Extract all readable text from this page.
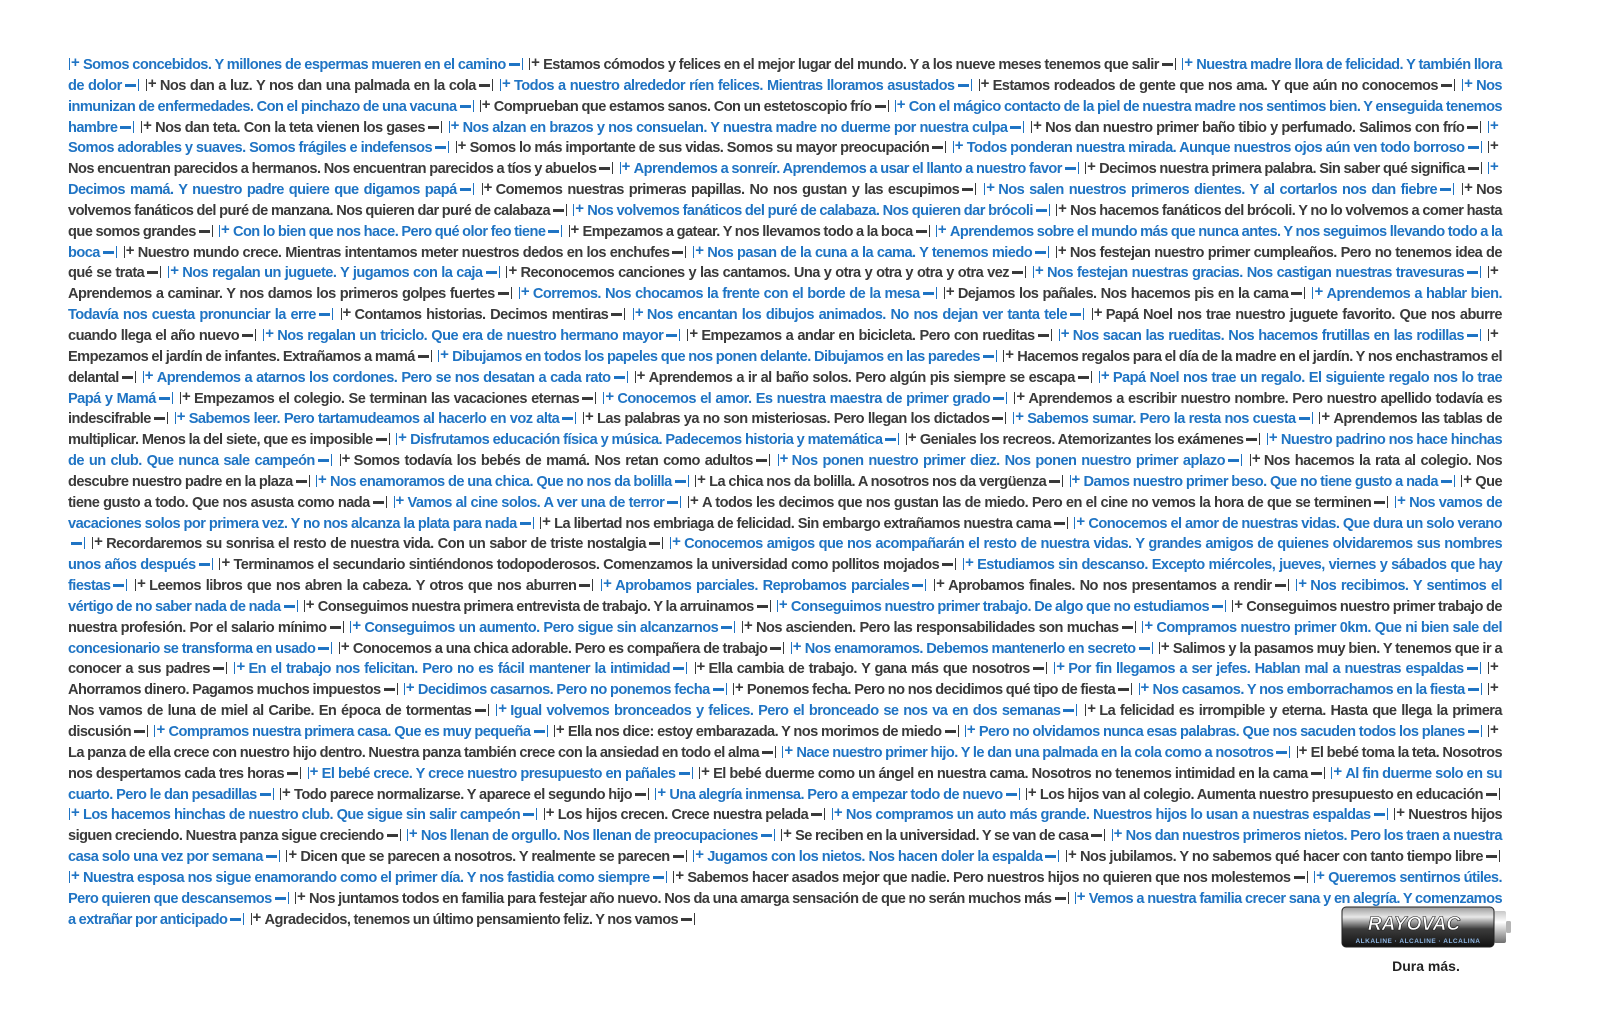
+Somos concebidos. Y millones de espermas mueren en el camino +	Estamos cómodos y felices en el mejor lugar del mundo. Y a los nueve meses tenemos que salir +	Nuestra madre llora de felicidad. Y también llora de dolor +	Nos dan a luz. Y nos dan una palmada en la cola +	Todos a nuestro alrededor ríen felices. Mientras lloramos asustados +	Estamos rodeados de gente que nos ama. Y que aún no conocemos +	Nos inmunizan de enfermedades. Con el pinchazo de una vacuna +	Comprueban que estamos sanos. Con un estetoscopio frío +	Con el mágico contacto de la piel de nuestra madre nos sentimos bien. Y enseguida tenemos hambre +	Nos dan teta. Con la teta vienen los gases +	Nos alzan en brazos y nos consuelan. Y nuestra madre no duerme por nuestra culpa +	Nos dan nuestro primer baño tibio y perfumado. Salimos con frío +Somos adorables y suaves. Somos frágiles e indefensos +	Somos lo más importante de sus vidas. Somos su mayor preocupación +	Todos ponderan nuestra mirada. Aunque nuestros ojos aún ven todo borroso +Nos encuentran parecidos a hermanos. Nos encuentran parecidos a tíos y abuelos +	Aprendemos a sonreír. Aprendemos a usar el llanto a nuestro favor +	Decimos nuestra primera palabra. Sin saber qué significa +Decimos mamá. Y nuestro padre quiere que digamos papá +	Comemos nuestras primeras papillas. No nos gustan y las escupimos +	Nos salen nuestros primeros dientes. Y al cortarlos nos dan fiebre +	Nos volvemos fanáticos del puré de manzana. Nos quieren dar puré de calabaza +	Nos volvemos fanáticos del puré de calabaza. Nos quieren dar brócoli +	Nos hacemos fanáticos del brócoli. Y no lo volvemos a comer hasta que somos grandes +	Con lo bien que nos hace. Pero qué olor feo tiene +	Empezamos a gatear. Y nos llevamos todo a la boca +	Aprendemos sobre el mundo más que nunca antes. Y nos seguimos llevando todo a la boca +	Nuestro mundo crece. Mientras intentamos meter nuestros dedos en los enchufes +	Nos pasan de la cuna a la cama. Y tenemos miedo +	Nos festejan nuestro primer cumpleaños. Pero no tenemos idea de qué se trata +	Nos regalan un juguete. Y jugamos con la caja +	Reconocemos canciones y las cantamos. Una y otra y otra y otra y otra vez +	Nos festejan nuestras gracias. Nos castigan nuestras travesuras +Aprendemos a caminar. Y nos damos los primeros golpes fuertes +	Corremos. Nos chocamos la frente con el borde de la mesa +	Dejamos los pañales. Nos hacemos pis en la cama +	Aprendemos a hablar bien. Todavía nos cuesta pronunciar la erre +	Contamos historias. Decimos mentiras +	Nos encantan los dibujos animados. No nos dejan ver tanta tele +	Papá Noel nos trae nuestro juguete favorito. Que nos aburre cuando llega el año nuevo +	Nos regalan un triciclo. Que era de nuestro hermano mayor +	Empezamos a andar en bicicleta. Pero con rueditas +	Nos sacan las rueditas. Nos hacemos frutillas en las rodillas +Empezamos el jardín de infantes. Extrañamos a mamá +	Dibujamos en todos los papeles que nos ponen delante. Dibujamos en las paredes +	Hacemos regalos para el día de la madre en el jardín. Y nos enchastramos el delantal +	Aprendemos a atarnos los cordones. Pero se nos desatan a cada rato +	Aprendemos a ir al baño solos. Pero algún pis siempre se escapa +	Papá Noel nos trae un regalo. El siguiente regalo nos lo trae Papá y Mamá +	Empezamos el colegio. Se terminan las vacaciones eternas +	Conocemos el amor. Es nuestra maestra de primer grado +	Aprendemos a escribir nuestro nombre. Pero nuestro apellido todavía es indescifrable +	Sabemos leer. Pero tartamudeamos al hacerlo en voz alta +	Las palabras ya no son misteriosas. Pero llegan los dictados +	Sabemos sumar. Pero la resta nos cuesta +	Aprendemos las tablas de multiplicar. Menos la del siete, que es imposible +	Disfrutamos educación física y música. Padecemos historia y matemática +	Geniales los recreos. Atemorizantes los exámenes +	Nuestro padrino nos hace hinchas de un club. Que nunca sale campeón +	Somos todavía los bebés de mamá. Nos retan como adultos +	Nos ponen nuestro primer diez. Nos ponen nuestro primer aplazo +	Nos hacemos la rata al colegio. Nos descubre nuestro padre en la plaza +	Nos enamoramos de una chica. Que no nos da bolilla +	La chica nos da bolilla. A nosotros nos da vergüenza +	Damos nuestro primer beso. Que no tiene gusto a nada +	Que tiene gusto a todo. Que nos asusta como nada +	Vamos al cine solos. A ver una de terror +	A todos les decimos que nos gustan las de miedo. Pero en el cine no vemos la hora de que se terminen +	Nos vamos de vacaciones solos por primera vez. Y no nos alcanza la plata para nada +	La libertad nos embriaga de felicidad. Sin embargo extrañamos nuestra cama +	Conocemos el amor de nuestras vidas. Que dura un solo verano +Recordaremos su sonrisa el resto de nuestra vida. Con un sabor de triste nostalgia +	Conocemos amigos que nos acompañarán el resto de nuestra vidas. Y grandes amigos de quienes olvidaremos sus nombres unos años después +	Terminamos el secundario sintiéndonos todopoderosos. Comenzamos la universidad como pollitos mojados +	Estudiamos sin descanso. Excepto miércoles, jueves, viernes y sábados que hay fiestas +	Leemos libros que nos abren la cabeza. Y otros que nos aburren +	Aprobamos parciales. Reprobamos parciales +	Aprobamos finales. No nos presentamos a rendir +	Nos recibimos. Y sentimos el vértigo de no saber nada de nada +	Conseguimos nuestra primera entrevista de trabajo. Y la arruinamos +	Conseguimos nuestro primer trabajo. De algo que no estudiamos +	Conseguimos nuestro primer trabajo de nuestra profesión. Por el salario mínimo +	Conseguimos un aumento. Pero sigue sin alcanzarnos +	Nos ascienden. Pero las responsabilidades son muchas +	Compramos nuestro primer 0km. Que ni bien sale del concesionario se transforma en usado +	Conocemos a una chica adorable. Pero es compañera de trabajo +	Nos enamoramos. Debemos mantenerlo en secreto +	Salimos y la pasamos muy bien. Y tenemos que ir a conocer a sus padres +	En el trabajo nos felicitan. Pero no es fácil mantener la intimidad +	Ella cambia de trabajo. Y gana más que nosotros +	Por fin llegamos a ser jefes. Hablan mal a nuestras espaldas +Ahorramos dinero. Pagamos muchos impuestos +	Decidimos casarnos. Pero no ponemos fecha +	Ponemos fecha. Pero no nos decidimos qué tipo de fiesta +	Nos casamos. Y nos emborrachamos en la fiesta +Nos vamos de luna de miel al Caribe. En época de tormentas +	Igual volvemos bronceados y felices. Pero el bronceado se nos va en dos semanas +	La felicidad es irrompible y eterna. Hasta que llega la primera discusión +	Compramos nuestra primera casa. Que es muy pequeña +	Ella nos dice: estoy embarazada. Y nos morimos de miedo +	Pero no olvidamos nunca esas palabras. Que nos sacuden todos los planes +La panza de ella crece con nuestro hijo dentro. Nuestra panza también crece con la ansiedad en todo el alma +	Nace nuestro primer hijo. Y le dan una palmada en la cola como a nosotros +	El bebé toma la teta. Nosotros nos despertamos cada tres horas +	El bebé crece. Y crece nuestro presupuesto en pañales +	El bebé duerme como un ángel en nuestra cama. Nosotros no tenemos intimidad en la cama +	Al fin duerme solo en su cuarto. Pero le dan pesadillas +	Todo parece normalizarse. Y aparece el segundo hijo +	Una alegría inmensa. Pero a empezar todo de nuevo +	Los hijos van al colegio. Aumenta nuestro presupuesto en educación +Los hacemos hinchas de nuestro club. Que sigue sin salir campeón +	Los hijos crecen. Crece nuestra pelada +	Nos compramos un auto más grande. Nuestros hijos lo usan a nuestras espaldas +	Nuestros hijos siguen creciendo. Nuestra panza sigue creciendo +	Nos llenan de orgullo. Nos llenan de preocupaciones +	Se reciben en la universidad. Y se van de casa +	Nos dan nuestros primeros nietos. Pero los traen a nuestra casa solo una vez por semana +	Dicen que se parecen a nosotros. Y realmente se parecen +	Jugamos con los nietos. Nos hacen doler la espalda +	Nos jubilamos. Y no sabemos qué hacer con tanto tiempo libre +Nuestra esposa nos sigue enamorando como el primer día. Y nos fastidia como siempre +	Sabemos hacer asados mejor que nadie. Pero nuestros hijos no quieren que nos molestemos +	Queremos sentirnos útiles. Pero quieren que descansemos +	Nos juntamos todos en familia para festejar año nuevo. Nos da una amarga sensación de que no serán muchos más +	Vemos a nuestra familia crecer sana y en alegría. Y comenzamos a extrañar por anticipado +	Agradecidos, tenemos un último pensamiento feliz. Y nos vamos	RAYOVAC
ALKALINE · ALCALINE · ALCALINA
Dura más.
